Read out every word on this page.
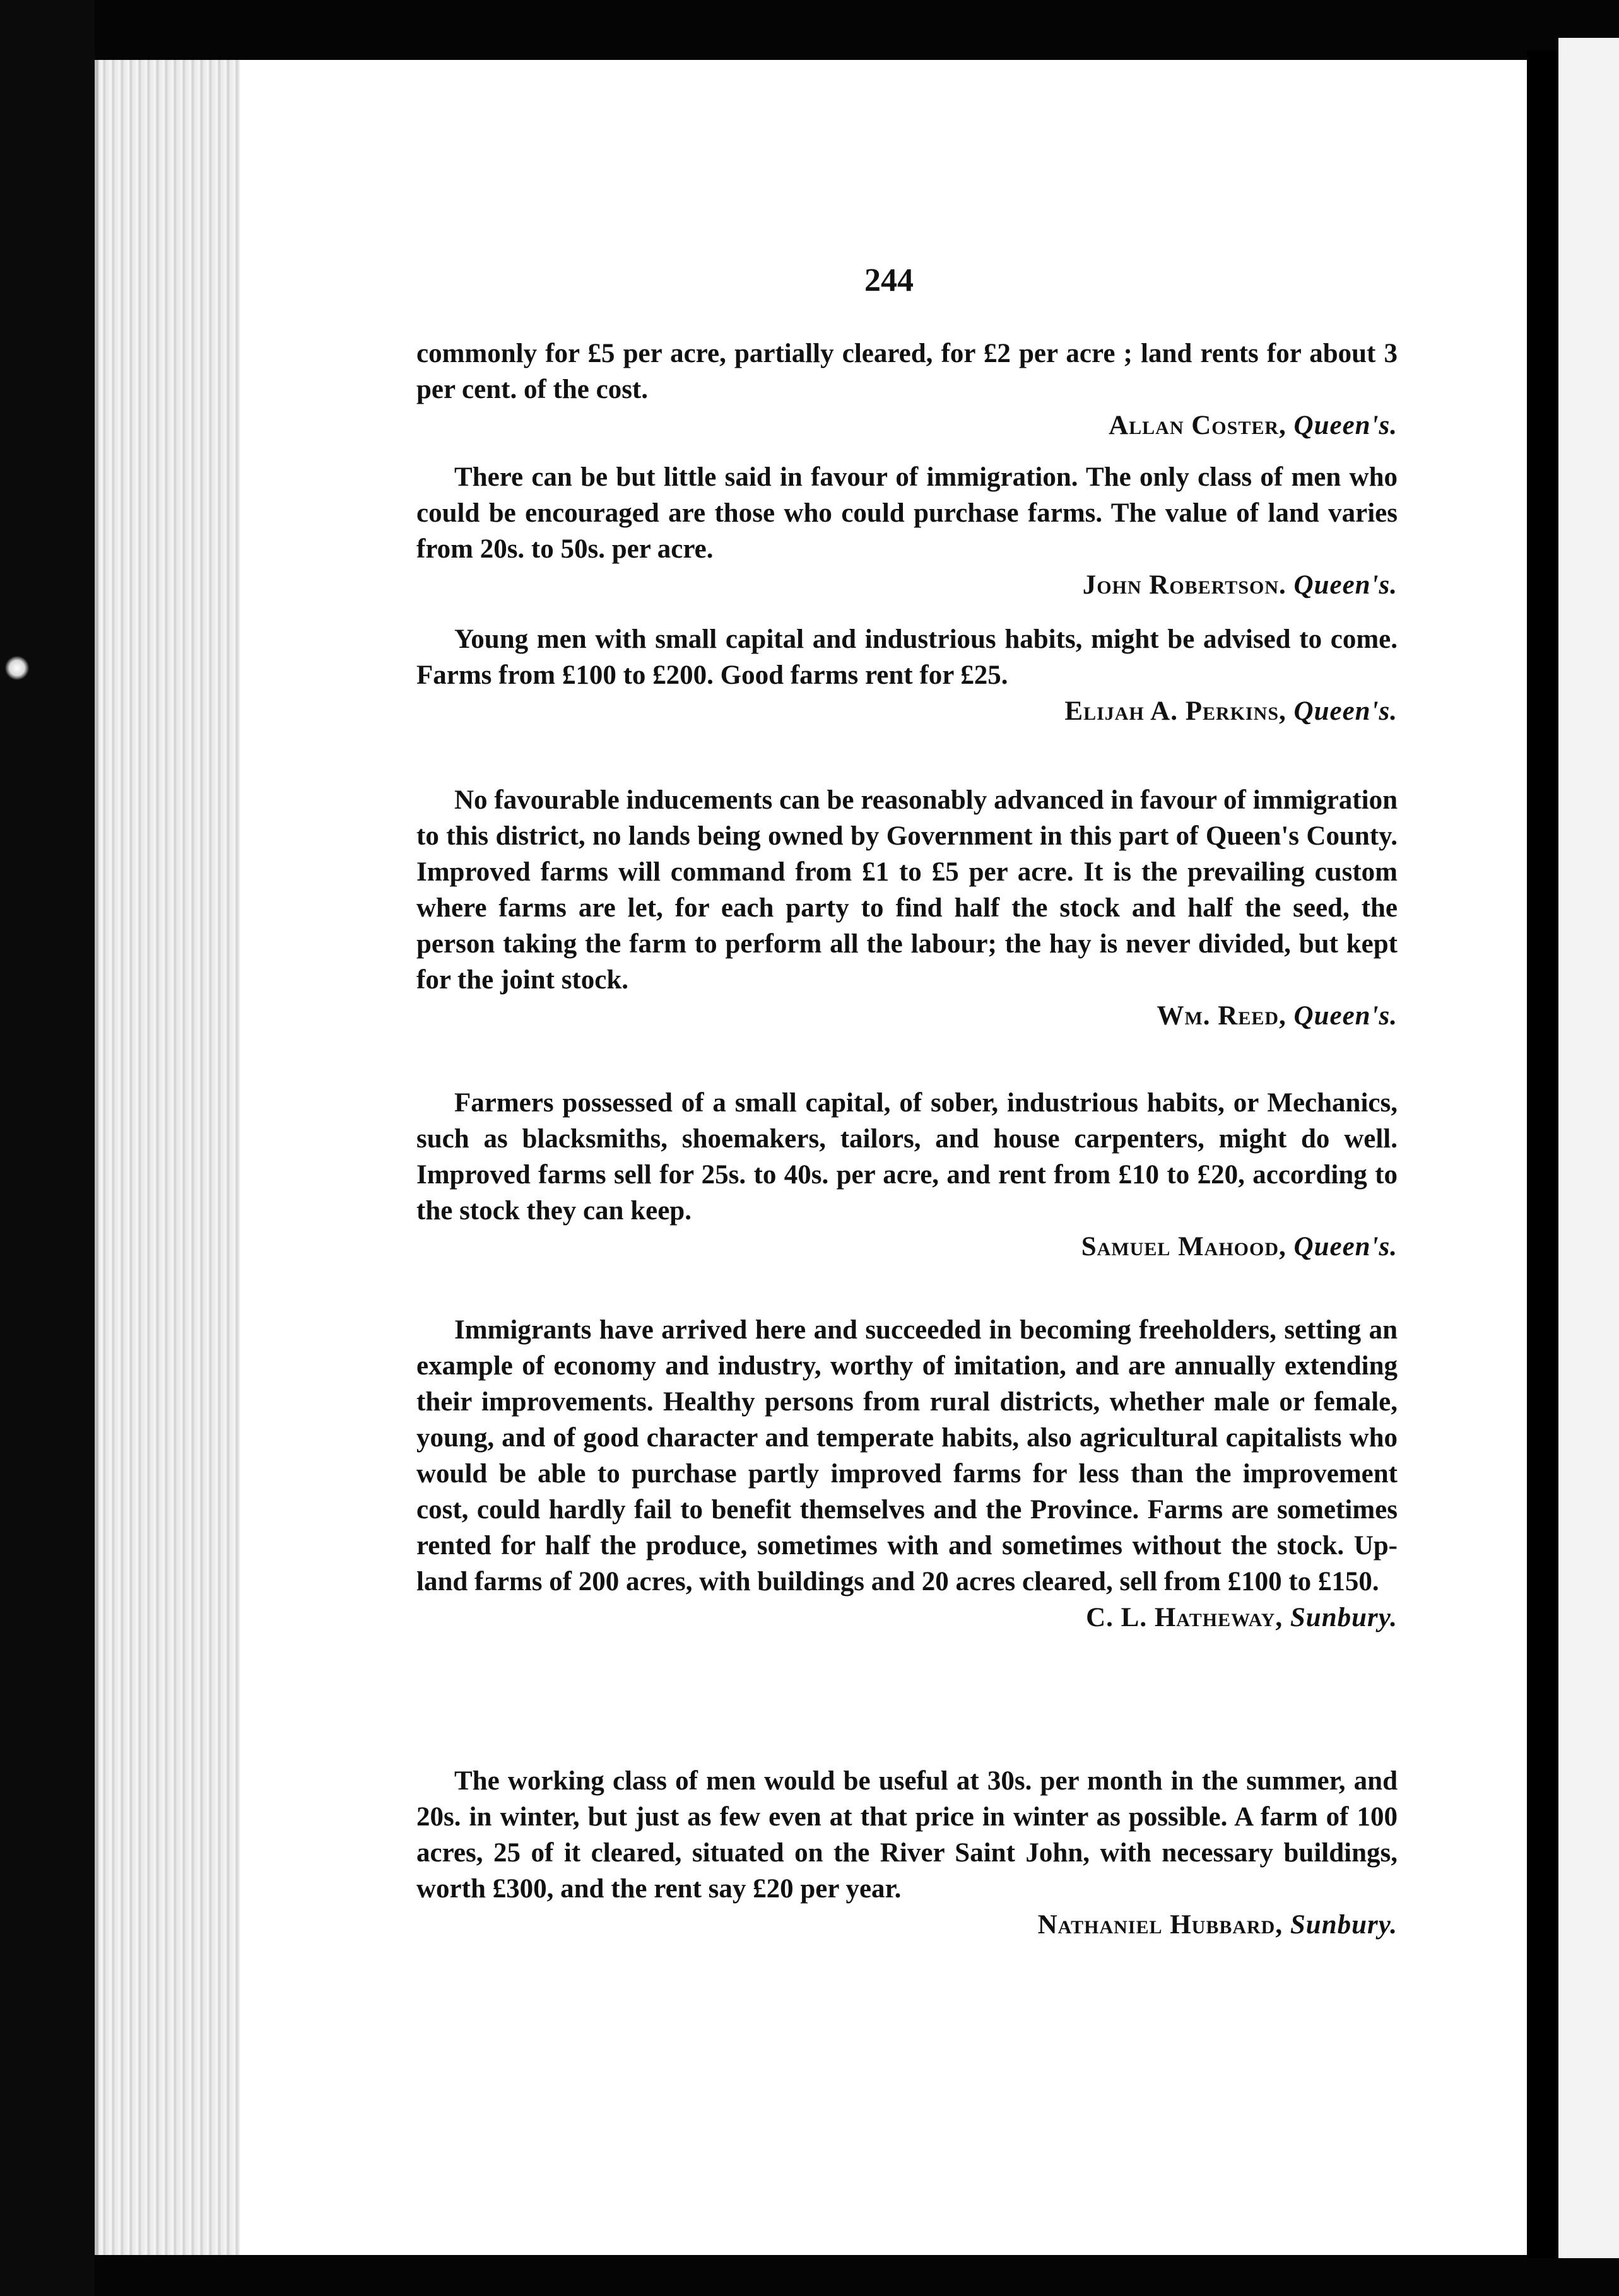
244

commonly for £5 per acre, partially cleared, for £2 per acre ; land rents for about 3 per cent. of the cost.

Allan Coster, Queen's.

There can be but little said in favour of immigration. The only class of men who could be encouraged are those who could purchase farms. The value of land varies from 20s. to 50s. per acre.

John Robertson. Queen's.

Young men with small capital and industrious habits, might be advised to come. Farms from £100 to £200. Good farms rent for £25.

Elijah A. Perkins, Queen's.

No favourable inducements can be reasonably advanced in favour of immigration to this district, no lands being owned by Government in this part of Queen's County. Improved farms will command from £1 to £5 per acre. It is the prevailing custom where farms are let, for each party to find half the stock and half the seed, the person taking the farm to perform all the labour; the hay is never divided, but kept for the joint stock.

Wm. Reed, Queen's.

Farmers possessed of a small capital, of sober, industrious habits, or Mechanics, such as blacksmiths, shoemakers, tailors, and house carpenters, might do well. Improved farms sell for 25s. to 40s. per acre, and rent from £10 to £20, according to the stock they can keep.

Samuel Mahood, Queen's.

Immigrants have arrived here and succeeded in becoming freeholders, setting an example of economy and industry, worthy of imitation, and are annually extending their improvements. Healthy persons from rural districts, whether male or female, young, and of good character and temperate habits, also agricultural capitalists who would be able to purchase partly improved farms for less than the improvement cost, could hardly fail to benefit themselves and the Province. Farms are sometimes rented for half the produce, sometimes with and sometimes without the stock. Up-land farms of 200 acres, with buildings and 20 acres cleared, sell from £100 to £150.

C. L. Hatheway, Sunbury.

The working class of men would be useful at 30s. per month in the summer, and 20s. in winter, but just as few even at that price in winter as possible. A farm of 100 acres, 25 of it cleared, situated on the River Saint John, with necessary buildings, worth £300, and the rent say £20 per year.

Nathaniel Hubbard, Sunbury.
